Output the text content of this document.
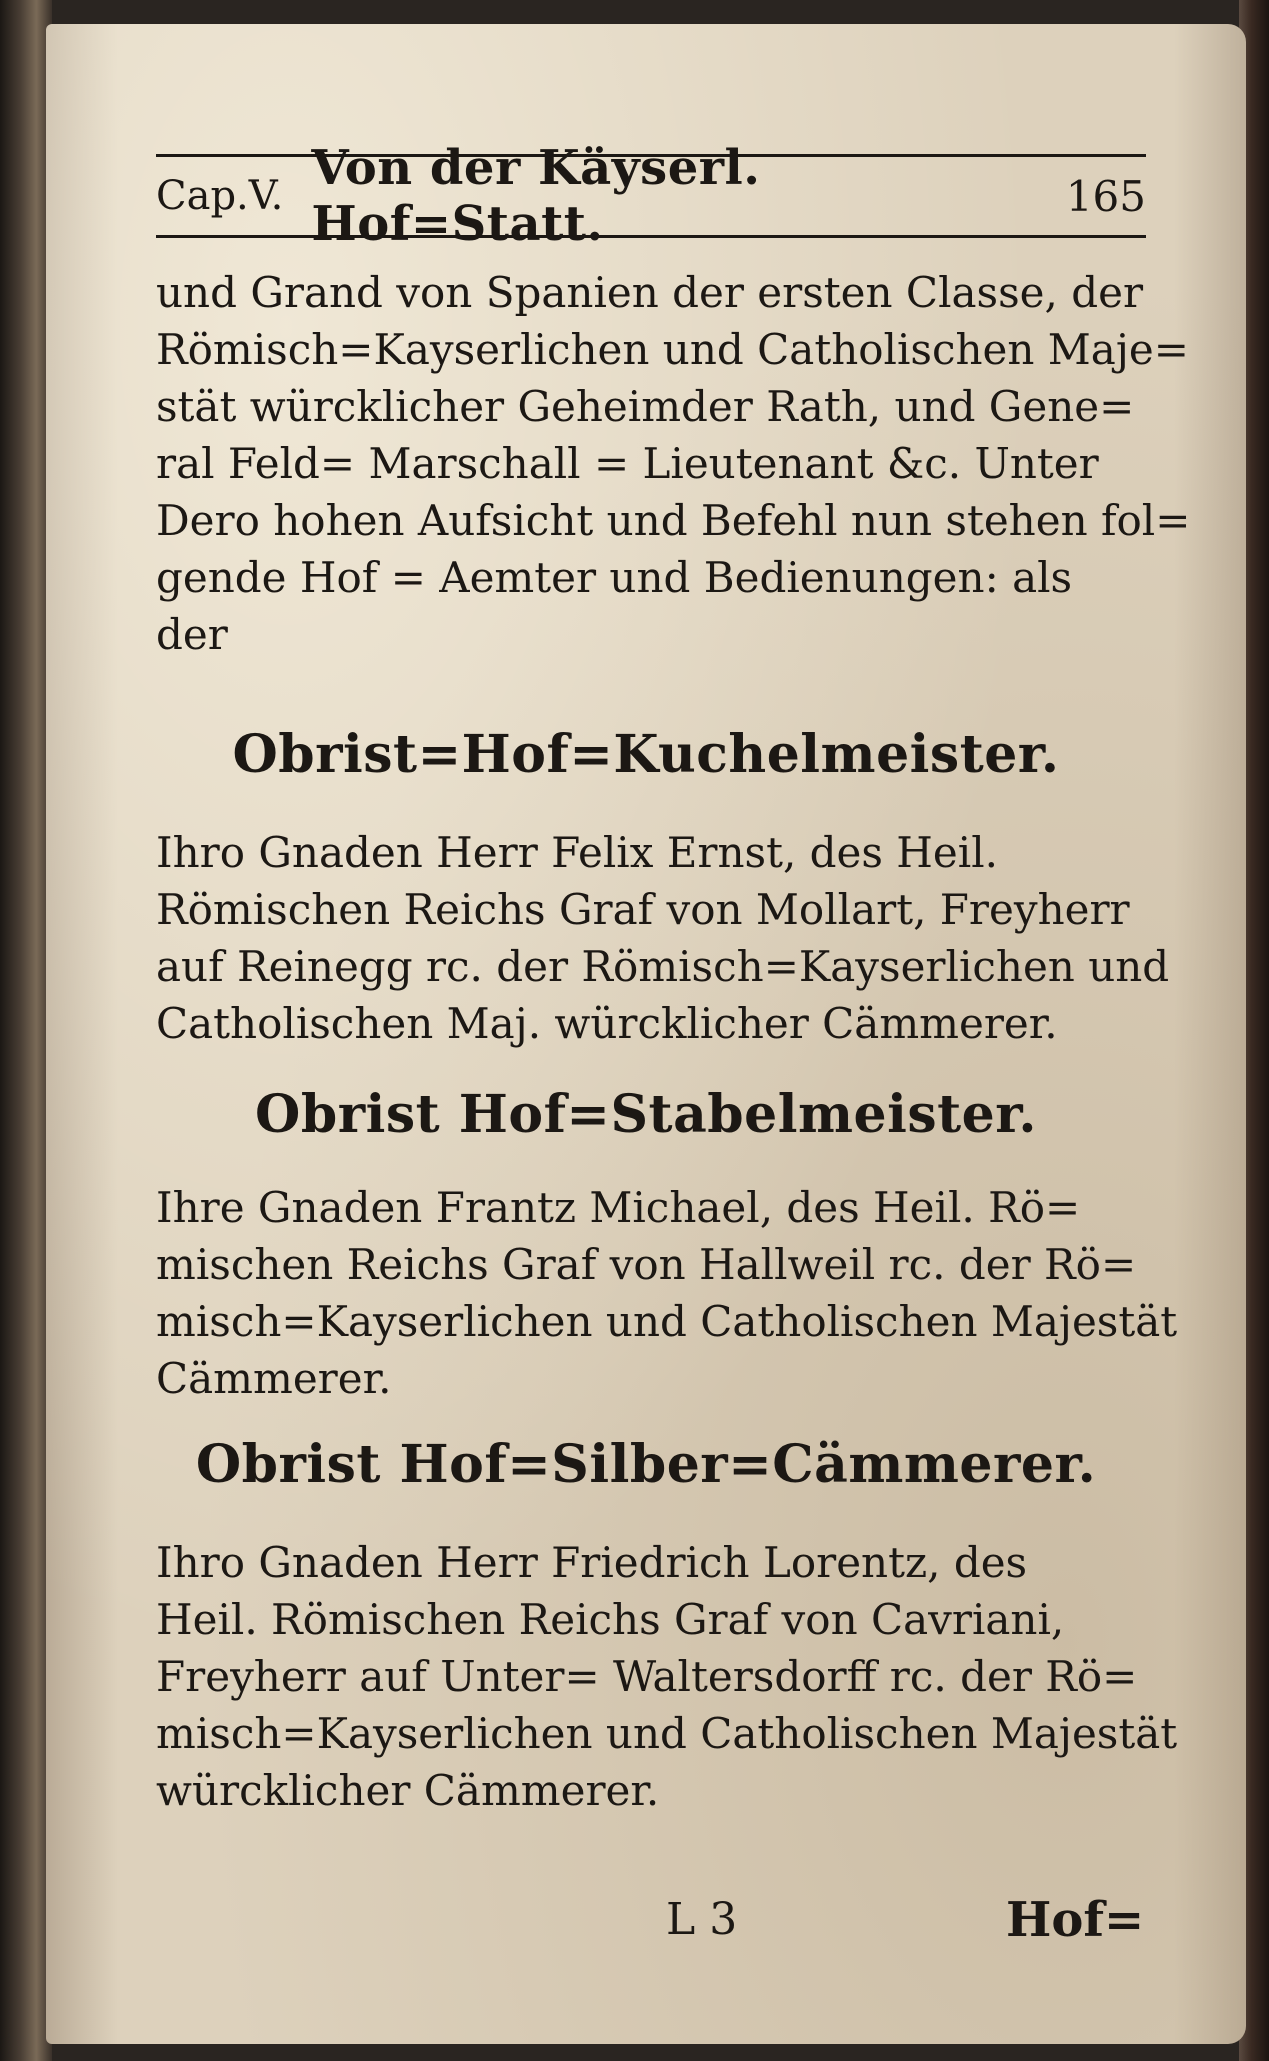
Cap.V. Von der Käyserl. Hof=Statt.	165
und Grand von Spanien der ersten Classe, der
Römisch=Kayserlichen und Catholischen Maje=
stät würcklicher Geheimder Rath, und Gene=
ral Feld= Marschall = Lieutenant &c. Unter
Dero hohen Aufsicht und Befehl nun stehen fol=
gende Hof = Aemter und Bedienungen: als
der
Obrist=Hof=Kuchelmeister.
Ihro Gnaden Herr Felix Ernst, des Heil.
Römischen Reichs Graf von Mollart, Freyherr
auf Reinegg rc. der Römisch=Kayserlichen und
Catholischen Maj. würcklicher Cämmerer.
Obrist Hof=Stabelmeister.
Ihre Gnaden Frantz Michael, des Heil. Rö=
mischen Reichs Graf von Hallweil rc. der Rö=
misch=Kayserlichen und Catholischen Majestät
Cämmerer.
Obrist Hof=Silber=Cämmerer.
Ihro Gnaden Herr Friedrich Lorentz, des
Heil. Römischen Reichs Graf von Cavriani,
Freyherr auf Unter= Waltersdorff rc. der Rö=
misch=Kayserlichen und Catholischen Majestät
würcklicher Cämmerer.
L 3	Hof=
